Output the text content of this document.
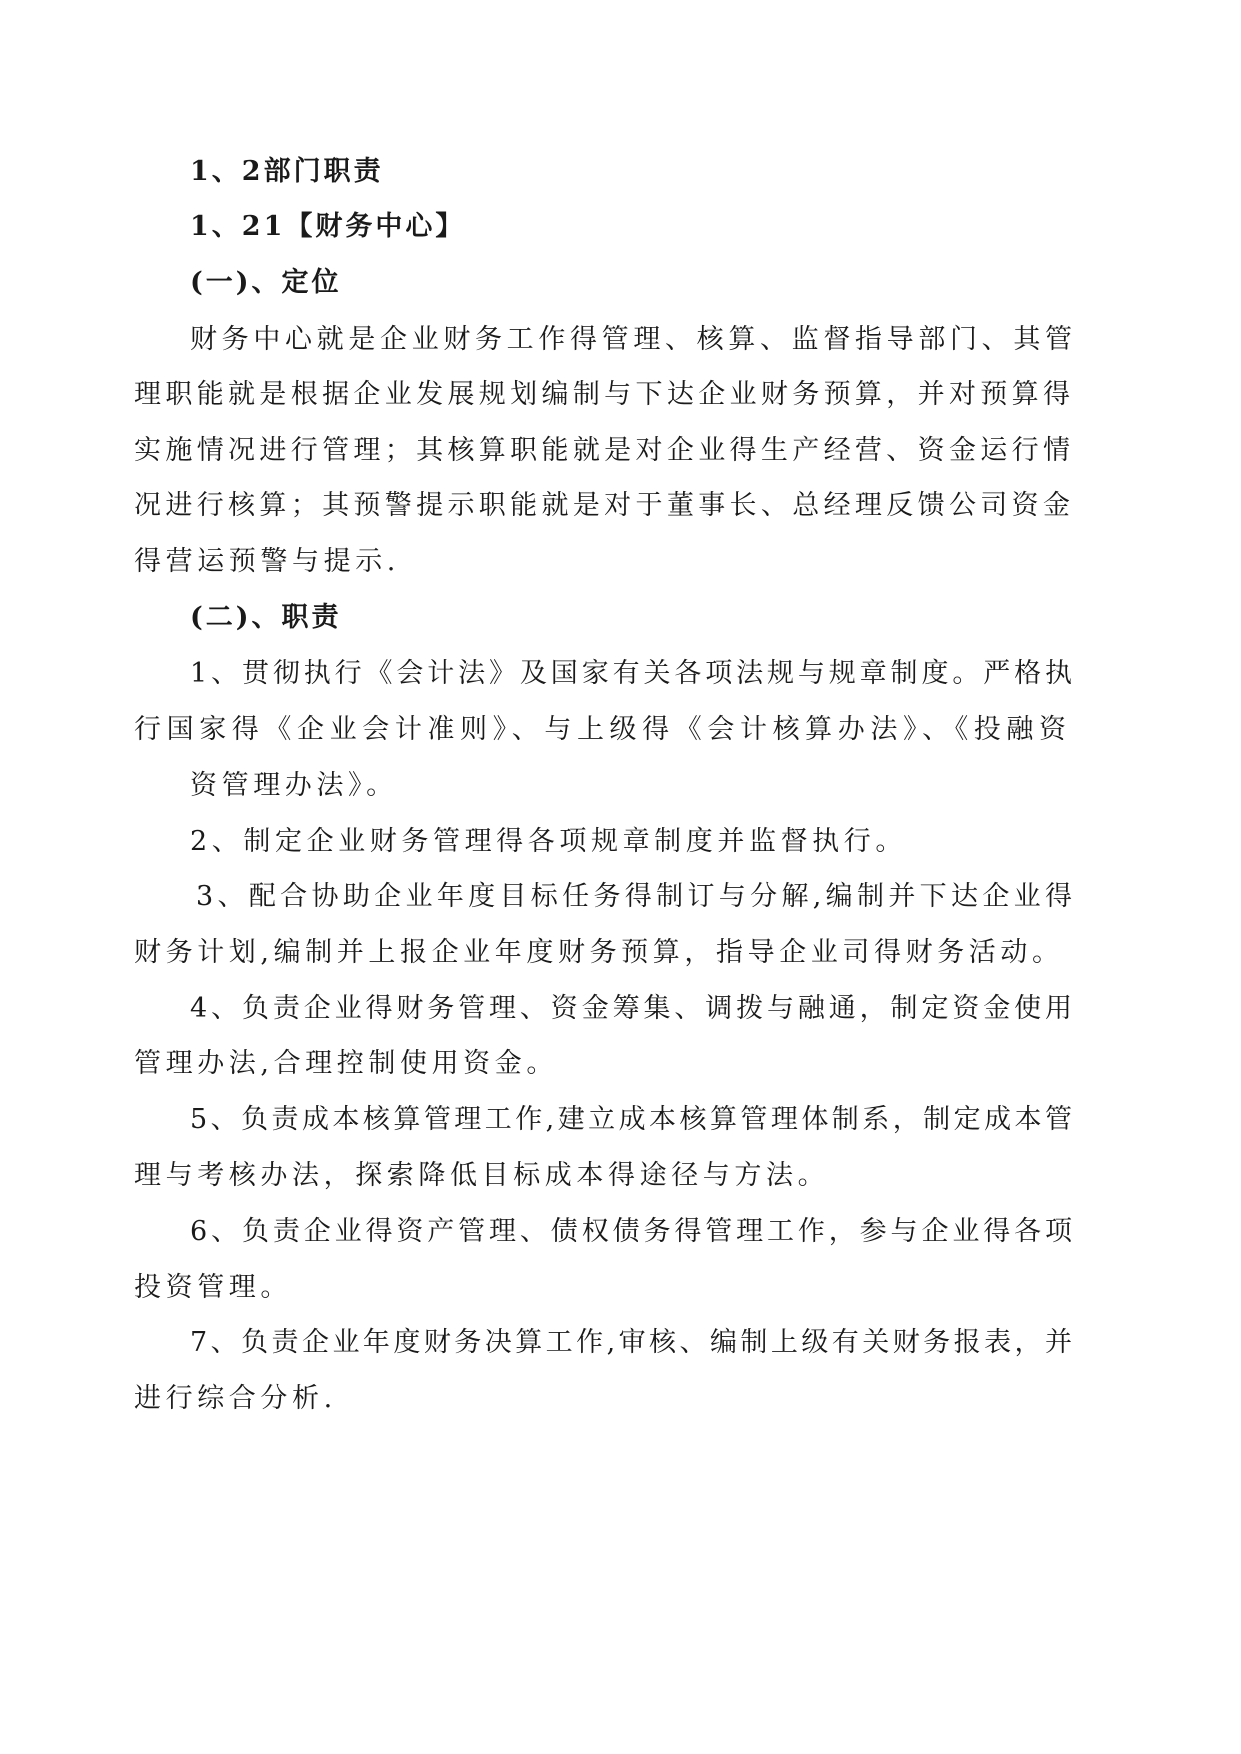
1、2部门职责
1、21【财务中心】
(一)、定位
财务中心就是企业财务工作得管理、核算、监督指导部门、其管
理职能就是根据企业发展规划编制与下达企业财务预算，并对预算得
实施情况进行管理；其核算职能就是对企业得生产经营、资金运行情
况进行核算；其预警提示职能就是对于董事长、总经理反馈公司资金
得营运预警与提示.
(二)、职责
1、贯彻执行《会计法》及国家有关各项法规与规章制度。严格执
行国家得《企业会计准则》、与上级得《会计核算办法》、《投融资
资管理办法》。
2、制定企业财务管理得各项规章制度并监督执行。
3、配合协助企业年度目标任务得制订与分解,编制并下达企业得
财务计划,编制并上报企业年度财务预算，指导企业司得财务活动。
4、负责企业得财务管理、资金筹集、调拨与融通，制定资金使用
管理办法,合理控制使用资金。
5、负责成本核算管理工作,建立成本核算管理体制系，制定成本管
理与考核办法，探索降低目标成本得途径与方法。
6、负责企业得资产管理、债权债务得管理工作，参与企业得各项
投资管理。
7、负责企业年度财务决算工作,审核、编制上级有关财务报表，并
进行综合分析.
